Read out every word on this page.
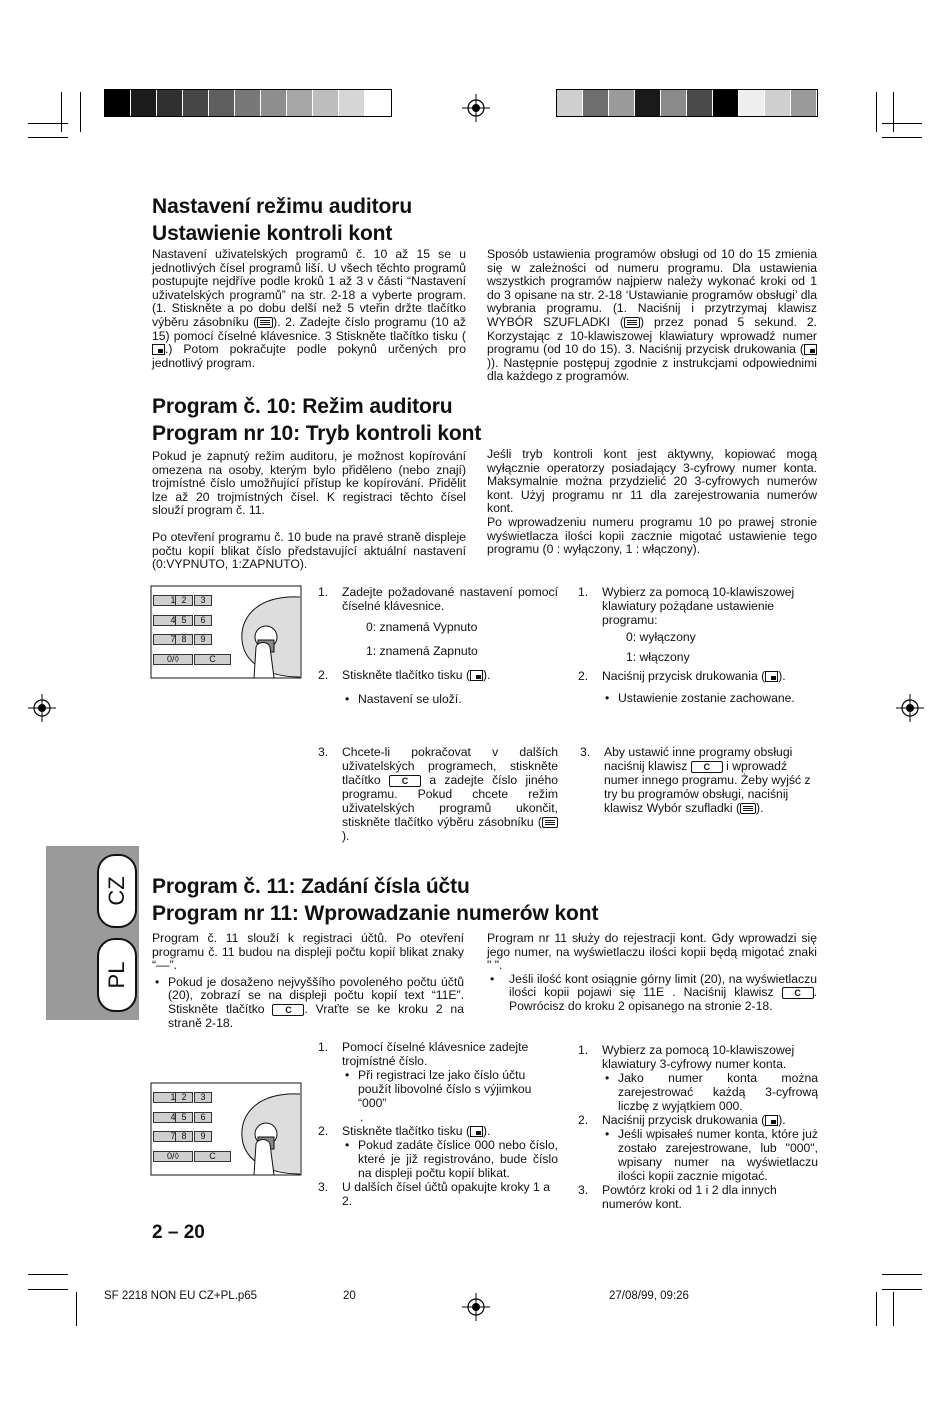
Nastavení režimu auditoru
Ustawienie kontroli kont
Nastavení uživatelských programů č. 10 až 15 se u jednotlivých čísel programů liší. U všech těchto programů postupujte nejdříve podle kroků 1 až 3 v části “Nastavení uživatelských programů” na str. 2-18 a vyberte program. (1. Stiskněte a po dobu delší než 5 vteřin držte tlačítko výběru zásobníku ( ). 2. Zadejte číslo programu (10 až 15) pomocí číselné klávesnice. 3 Stiskněte tlačítko tisku (.) Potom pokračujte podle pokynů určených pro jednotlivý program.
Sposób ustawienia programów obsługi od 10 do 15 zmienia się w zależności od numeru programu. Dla ustawienia wszystkich programów najpierw należy wykonać kroki od 1 do 3 opisane na str. 2-18 ‘Ustawianie programów obsługi’ dla wybrania programu. (1. Naciśnij i przytrzymaj klawisz WYBÓR SZUFLADKI ( ) przez ponad 5 sekund. 2. Korzystając z 10-klawiszowej klawiatury wprowadź numer programu (od 10 do 15). 3. Naciśnij przycisk drukowania ()). Następnie postępuj zgodnie z instrukcjami odpowiednimi dla każdego z programów.
Program č. 10: Režim auditoru
Program nr 10: Tryb kontroli kont

Pokud je zapnutý režim auditoru, je možnost kopírování omezena na osoby, kterým bylo přiděleno (nebo znají) trojmístné číslo umožňující přístup ke kopírování. Přidělit lze až 20 trojmístných čísel. K registraci těchto čísel slouží program č. 11.

Po otevření programu č. 10 bude na pravé straně displeje počtu kopií blikat číslo představující aktuální nastavení (0:VYPNUTO, 1:ZAPNUTO).

Jeśli tryb kontroli kont jest aktywny, kopiować mogą wyłącznie operatorzy posiadający 3-cyfrowy numer konta. Maksymalnie można przydzielić 20 3-cyfrowych numerów kont. Użyj programu nr 11 dla zarejestrowania numerów kont.

Po wprowadzeniu numeru programu 10 po prawej stronie wyświetlacza ilości kopii zacznie migotać ustawienie tego programu (0 : wyłączony, 1 : włączony).

1 2	3
4 5	6
7 8	9
0/◊	C
1. Zadejte požadované nastavení pomocí číselné klávesnice.
0: znamená Vypnuto
1: znamená Zapnuto
2. Stiskněte tlačítko tisku ( ).
• Nastavení se uloží.
3. Chcete-li pokračovat v dalších uživatelských programech, stiskněte tlačítko C a zadejte číslo jiného programu. Pokud chcete režim uživatelských programů ukončit, stiskněte tlačítko výběru zásobníku ().
1. Wybierz za pomocą 10-klawiszowej klawiatury pożądane ustawienie programu:
0: wyłączony
1: włączony
2. Naciśnij przycisk drukowania ( ).
• Ustawienie zostanie zachowane.
3. Aby ustawić inne programy obsługi naciśnij klawisz C i wprowadź numer innego programu. Żeby wyjść z try bu programów obsługi, naciśnij klawisz Wybór szufladki ( ).
CZ
PL
Program č. 11: Zadání čísla účtu
Program nr 11: Wprowadzanie numerów kont

Program č. 11 slouží k registraci účtů. Po otevření programu č. 11 budou na displeji počtu kopií blikat znaky “––”.

• Pokud je dosaženo nejvyššího povoleného počtu účtů (20), zobrazí se na displeji počtu kopií text “11E”. Stiskněte tlačítko C . Vraťte se ke kroku 2 na straně 2-18.

Program nr 11 służy do rejestracji kont. Gdy wprowadzi się jego numer, na wyświetlaczu ilości kopii będą migotać znaki " ".

• Jeśli ilość kont osiągnie górny limit (20), na wyświetlaczu ilości kopii pojawi się 11E . Naciśnij klawisz C . Powrócisz do kroku 2 opisanego na stronie 2-18.
1 2	3
4 5	6
7 8	9
0/◊	C
1. Pomocí číselné klávesnice zadejte trojmístné číslo.
• Při registraci lze jako číslo účtu použít libovolné číslo s výjimkou “000”
.
2. Stiskněte tlačítko tisku ( ).
• Pokud zadáte číslice 000 nebo číslo, které je již registrováno, bude číslo na displeji počtu kopií blikat.
3. U dalších čísel účtů opakujte kroky 1 a 2.
1. Wybierz za pomocą 10-klawiszowej klawiatury 3-cyfrowy numer konta.
• Jako numer konta można zarejestrować każdą 3-cyfrową liczbę z wyjątkiem 000.
2. Naciśnij przycisk drukowania ( ).
• Jeśli wpisałeś numer konta, które już zostało zarejestrowane, lub "000", wpisany numer na wyświetlaczu ilości kopii zacznie migotać.
3. Powtórz kroki od 1 i 2 dla innych numerów kont.
2 – 20
SF 2218 NON EU CZ+PL.p65	20	27/08/99, 09:26
